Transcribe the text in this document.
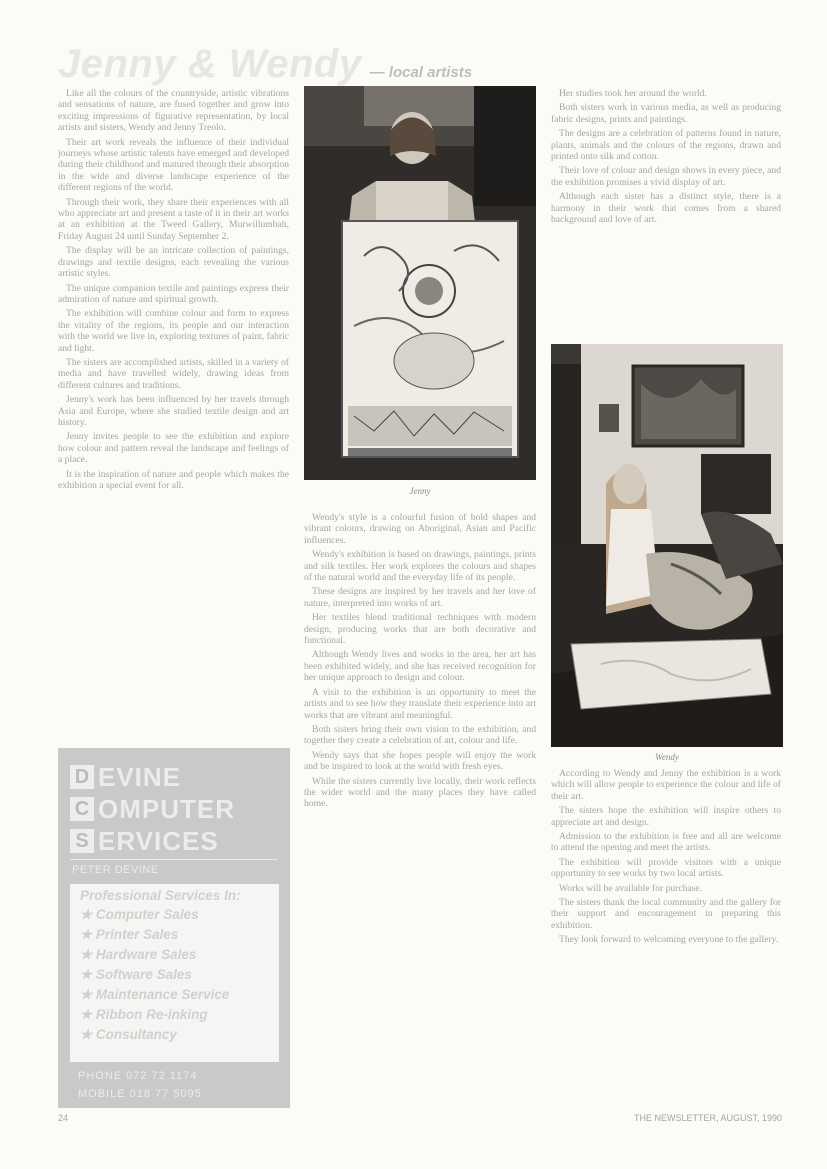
Jenny & Wendy — local artists

Like all the colours of the countryside, artistic vibrations and sensations of nature, are fused together and grow into exciting impressions of figurative representation, by local artists and sisters, Wendy and Jenny Treolo.

Their art work reveals the influence of their individual journeys whose artistic talents have emerged and developed during their childhood and matured through their absorption in the wide and diverse landscape experience of the different regions of the world.

Through their work, they share their experiences with all who appreciate art and present a taste of it in their art works at an exhibition at the Tweed Gallery, Murwillumbah, Friday August 24 until Sunday September 2.

The display will be an intricate collection of paintings, drawings and textile designs, each revealing the various artistic styles.

The unique companion textile and paintings express their admiration of nature and spiritual growth.

The exhibition will combine colour and form to express the vitality of the regions, its people and our interaction with the world we live in, exploring textures of paint, fabric and light.

The sisters are accomplished artists, skilled in a variety of media and have travelled widely, drawing ideas from different cultures and traditions.

Jenny's work has been influenced by her travels through Asia and Europe, where she studied textile design and art history.

Jenny invites people to see the exhibition and explore how colour and pattern reveal the landscape and feelings of a place.

It is the inspiration of nature and people which makes the exhibition a special event for all.	Jenny

Wendy's style is a colourful fusion of bold shapes and vibrant colours, drawing on Aboriginal, Asian and Pacific influences.

Wendy's exhibition is based on drawings, paintings, prints and silk textiles. Her work explores the colours and shapes of the natural world and the everyday life of its people.

These designs are inspired by her travels and her love of nature, interpreted into works of art.

Her textiles blend traditional techniques with modern design, producing works that are both decorative and functional.

Although Wendy lives and works in the area, her art has been exhibited widely, and she has received recognition for her unique approach to design and colour.

A visit to the exhibition is an opportunity to meet the artists and to see how they translate their experience into art works that are vibrant and meaningful.

Both sisters bring their own vision to the exhibition, and together they create a celebration of art, colour and life.

Wendy says that she hopes people will enjoy the work and be inspired to look at the world with fresh eyes.

While the sisters currently live locally, their work reflects the wider world and the many places they have called home.

Her studies took her around the world.

Both sisters work in various media, as well as producing fabric designs, prints and paintings.

The designs are a celebration of patterns found in nature, plants, animals and the colours of the regions, drawn and printed onto silk and cotton.

Their love of colour and design shows in every piece, and the exhibition promises a vivid display of art.

Although each sister has a distinct style, there is a harmony in their work that comes from a shared background and love of art.

Wendy

According to Wendy and Jenny the exhibition is a work which will allow people to experience the colour and life of their art.

The sisters hope the exhibition will inspire others to appreciate art and design.

Admission to the exhibition is free and all are welcome to attend the opening and meet the artists.

The exhibition will provide visitors with a unique opportunity to see works by two local artists.

Works will be available for purchase.

The sisters thank the local community and the gallery for their support and encouragement in preparing this exhibition.

They look forward to welcoming everyone to the gallery.

D EVINE
C OMPUTER
S ERVICES
PETER DEVINE
Professional Services In:
★ Computer Sales
★ Printer Sales
★ Hardware Sales
★ Software Sales
★ Maintenance Service
★ Ribbon Re-inking
★ Consultancy
PHONE 072 72 1174
MOBILE 018 77 5095
24	THE NEWSLETTER, AUGUST, 1990
